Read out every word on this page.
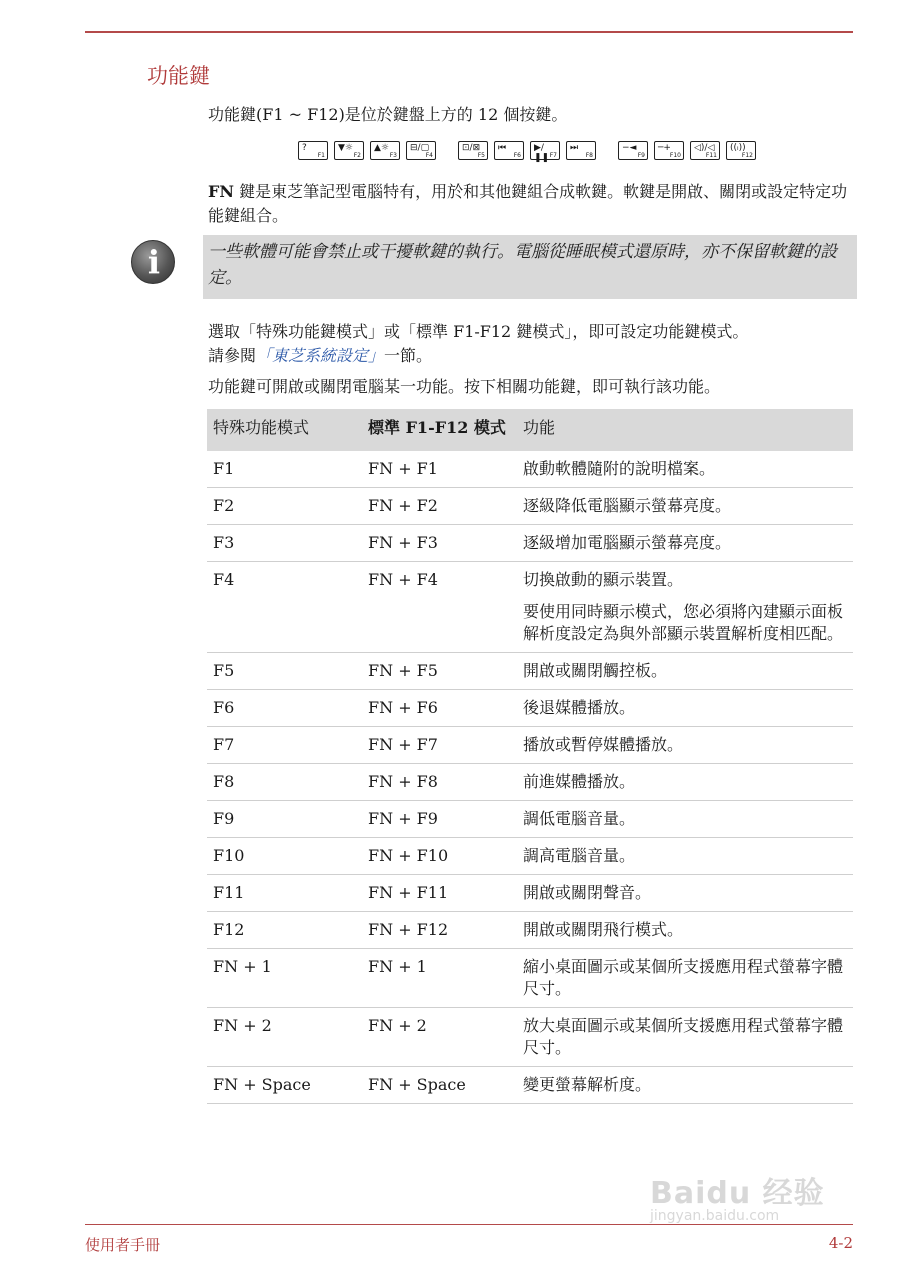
功能鍵
功能鍵(F1 ~ F12)是位於鍵盤上方的 12 個按鍵。
?
F1
▼☼
F2
▲☼
F3
⊟/▢
F4
⊡/⊠
F5
⏮
F6
▶/❚❚ F7
⏭
F8
−◄
F9
─+
F10
◁)/◁
F11
((ᵢ))
F12
FN 鍵是東芝筆記型電腦特有，用於和其他鍵組合成軟鍵。軟鍵是開啟、關閉或設定特定功能鍵組合。
i	一些軟體可能會禁止或干擾軟鍵的執行。電腦從睡眠模式還原時，亦不保留軟鍵的設定。
選取「特殊功能鍵模式」或「標準 F1-F12 鍵模式」，即可設定功能鍵模式。
請參閱「東芝系統設定」一節。
功能鍵可開啟或關閉電腦某一功能。按下相關功能鍵，即可執行該功能。
特殊功能模式	標準 F1-F12 模式	功能

F1	FN + F1	啟動軟體隨附的說明檔案。

F2	FN + F2	逐級降低電腦顯示螢幕亮度。

F3	FN + F3	逐級增加電腦顯示螢幕亮度。

F4	FN + F4	切換啟動的顯示裝置。
要使用同時顯示模式，您必須將內建顯示面板解析度設定為與外部顯示裝置解析度相匹配。

F5	FN + F5	開啟或關閉觸控板。

F6	FN + F6	後退媒體播放。

F7	FN + F7	播放或暫停媒體播放。

F8	FN + F8	前進媒體播放。

F9	FN + F9	調低電腦音量。

F10	FN + F10	調高電腦音量。

F11	FN + F11	開啟或關閉聲音。

F12	FN + F12	開啟或關閉飛行模式。

FN + 1	FN + 1	縮小桌面圖示或某個所支援應用程式螢幕字體尺寸。

FN + 2	FN + 2	放大桌面圖示或某個所支援應用程式螢幕字體尺寸。

FN + Space	FN + Space	變更螢幕解析度。
Baidu 经验
jingyan.baidu.com
使用者手冊	4-2
